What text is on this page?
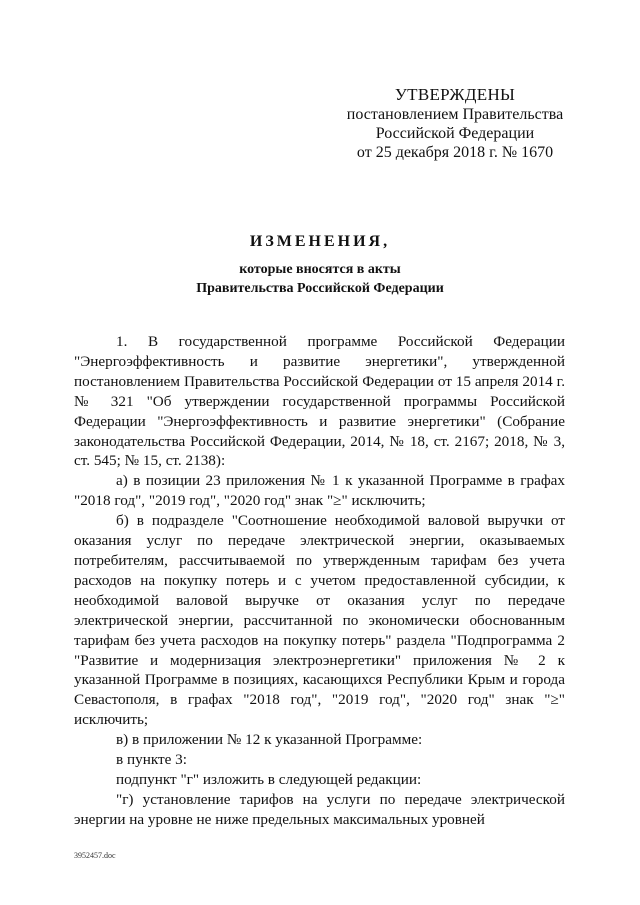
УТВЕРЖДЕНЫ
постановлением Правительства
Российской Федерации
от 25 декабря 2018 г. № 1670
ИЗМЕНЕНИЯ,
которые вносятся в акты
Правительства Российской Федерации

1. В государственной программе Российской Федерации "Энергоэффективность и развитие энергетики", утвержденной постановлением Правительства Российской Федерации от 15 апреля 2014 г. № 321 "Об утверждении государственной программы Российской Федерации "Энергоэффективность и развитие энергетики" (Собрание законодательства Российской Федерации, 2014, № 18, ст. 2167; 2018, № 3, ст. 545; № 15, ст. 2138):

а) в позиции 23 приложения № 1 к указанной Программе в графах "2018 год", "2019 год", "2020 год" знак "≥" исключить;

б) в подразделе "Соотношение необходимой валовой выручки от оказания услуг по передаче электрической энергии, оказываемых потребителям, рассчитываемой по утвержденным тарифам без учета расходов на покупку потерь и с учетом предоставленной субсидии, к необходимой валовой выручке от оказания услуг по передаче электрической энергии, рассчитанной по экономически обоснованным тарифам без учета расходов на покупку потерь" раздела "Подпрограмма 2 "Развитие и модернизация электроэнергетики" приложения № 2 к указанной Программе в позициях, касающихся Республики Крым и города Севастополя, в графах "2018 год", "2019 год", "2020 год" знак "≥" исключить;

в) в приложении № 12 к указанной Программе:

в пункте 3:

подпункт "г" изложить в следующей редакции:

"г) установление тарифов на услуги по передаче электрической энергии на уровне не ниже предельных максимальных уровней

3952457.doc
